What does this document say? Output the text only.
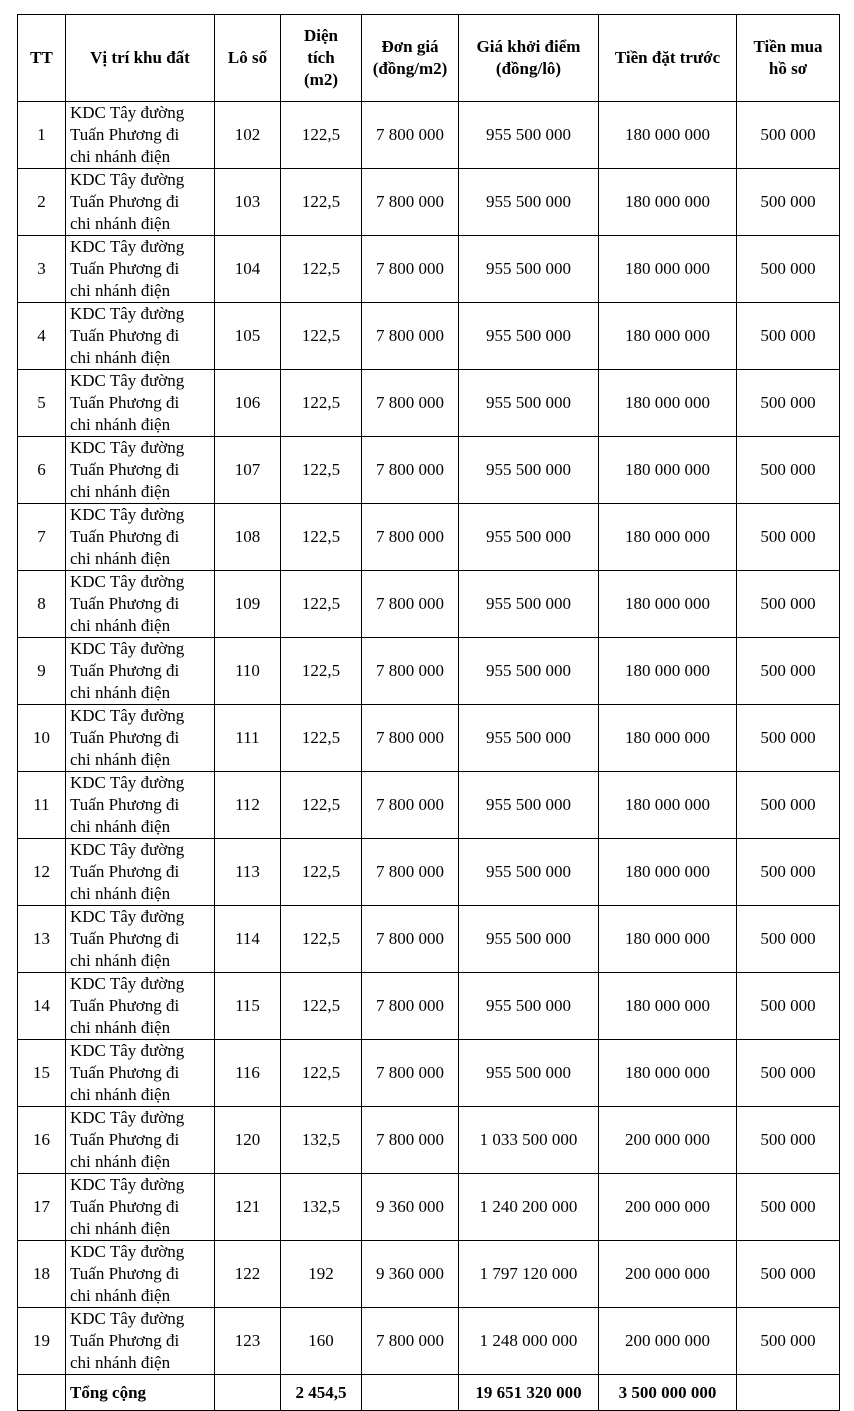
TT	Vị trí khu đất	Lô số	Diện
tích
(m2)	Đơn giá
(đồng/m2)	Giá khởi điểm
(đồng/lô)	Tiền đặt trước	Tiền mua
hồ sơ
1	KDC Tây đường
Tuấn Phương đi
chi nhánh điện	102	122,5	7 800 000	955 500 000	180 000 000	500 000
2	KDC Tây đường
Tuấn Phương đi
chi nhánh điện	103	122,5	7 800 000	955 500 000	180 000 000	500 000
3	KDC Tây đường
Tuấn Phương đi
chi nhánh điện	104	122,5	7 800 000	955 500 000	180 000 000	500 000
4	KDC Tây đường
Tuấn Phương đi
chi nhánh điện	105	122,5	7 800 000	955 500 000	180 000 000	500 000
5	KDC Tây đường
Tuấn Phương đi
chi nhánh điện	106	122,5	7 800 000	955 500 000	180 000 000	500 000
6	KDC Tây đường
Tuấn Phương đi
chi nhánh điện	107	122,5	7 800 000	955 500 000	180 000 000	500 000
7	KDC Tây đường
Tuấn Phương đi
chi nhánh điện	108	122,5	7 800 000	955 500 000	180 000 000	500 000
8	KDC Tây đường
Tuấn Phương đi
chi nhánh điện	109	122,5	7 800 000	955 500 000	180 000 000	500 000
9	KDC Tây đường
Tuấn Phương đi
chi nhánh điện	110	122,5	7 800 000	955 500 000	180 000 000	500 000
10	KDC Tây đường
Tuấn Phương đi
chi nhánh điện	111	122,5	7 800 000	955 500 000	180 000 000	500 000
11	KDC Tây đường
Tuấn Phương đi
chi nhánh điện	112	122,5	7 800 000	955 500 000	180 000 000	500 000
12	KDC Tây đường
Tuấn Phương đi
chi nhánh điện	113	122,5	7 800 000	955 500 000	180 000 000	500 000
13	KDC Tây đường
Tuấn Phương đi
chi nhánh điện	114	122,5	7 800 000	955 500 000	180 000 000	500 000
14	KDC Tây đường
Tuấn Phương đi
chi nhánh điện	115	122,5	7 800 000	955 500 000	180 000 000	500 000
15	KDC Tây đường
Tuấn Phương đi
chi nhánh điện	116	122,5	7 800 000	955 500 000	180 000 000	500 000
16	KDC Tây đường
Tuấn Phương đi
chi nhánh điện	120	132,5	7 800 000	1 033 500 000	200 000 000	500 000
17	KDC Tây đường
Tuấn Phương đi
chi nhánh điện	121	132,5	9 360 000	1 240 200 000	200 000 000	500 000
18	KDC Tây đường
Tuấn Phương đi
chi nhánh điện	122	192	9 360 000	1 797 120 000	200 000 000	500 000
19	KDC Tây đường
Tuấn Phương đi
chi nhánh điện	123	160	7 800 000	1 248 000 000	200 000 000	500 000
	Tổng cộng		2 454,5		19 651 320 000	3 500 000 000	
